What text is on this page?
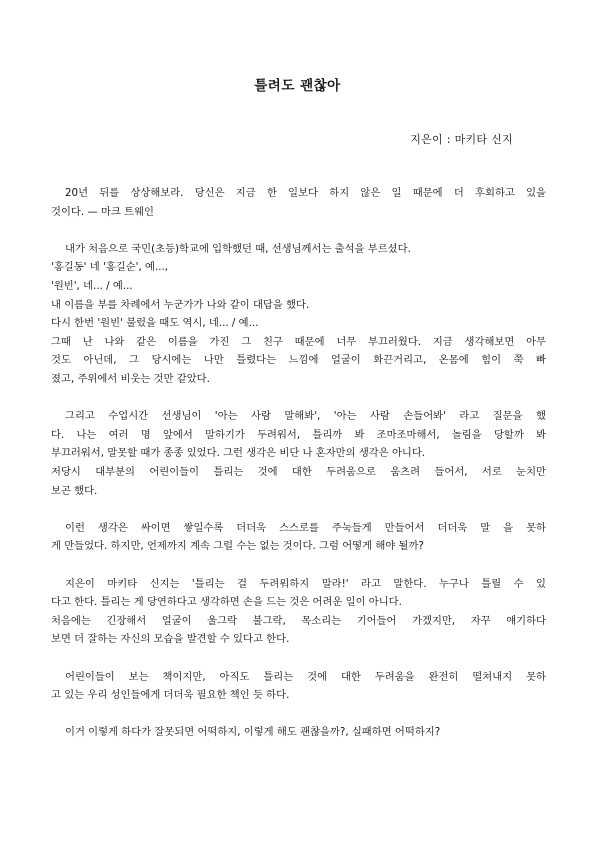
틀려도 괜찮아
지은이 : 마키타 신지
20년 뒤를 상상해보라. 당신은 지금 한 일보다 하지 않은 일 때문에 더 후회하고 있을
것이다. — 마크 트웨인
내가 처음으로 국민(초등)학교에 입학했던 때, 선생님께서는 출석을 부르셨다.
'홍길동' 네 '홍길순', 예...,
'원빈', 네... / 예...
내 이름을 부를 차례에서 누군가가 나와 같이 대답을 했다.
다시 한번 '원빈' 불렀을 때도 역시, 네... / 예...
그때 난 나와 같은 이름을 가진 그 친구 때문에 너무 부끄러웠다. 지금 생각해보면 아무
것도 아닌데, 그 당시에는 나만 틀렸다는 느낌에 얼굴이 화끈거리고, 온몸에 힘이 쭉 빠
졌고, 주위에서 비웃는 것만 같았다.
그리고 수업시간 선생님이 '아는 사람 말해봐', '아는 사람 손들어봐' 라고 질문을 했
다. 나는 여러 명 앞에서 말하기가 두려워서, 틀리까 봐 조마조마해서, 놀림을 당할까 봐
부끄러워서, 말못할 때가 종종 있었다. 그런 생각은 비단 나 혼자만의 생각은 아니다.
저당시 대부분의 어린이들이 틀리는 것에 대한 두려움으로 움츠려 들어서, 서로 눈치만
보곤 했다.
이런 생각은 싸이면 쌓일수록 더더욱 스스로를 주눅들게 만들어서 더더욱 말 을 못하
게 만들었다. 하지만, 언제까지 계속 그럴 수는 없는 것이다. 그럼 어떻게 해야 될까?
지은이 마키타 신지는 '틀리는 걸 두려워하지 말라!' 라고 말한다. 누구나 틀릴 수 있
다고 한다. 틀리는 게 당연하다고 생각하면 손을 드는 것은 어려운 일이 아니다.
처음에는 긴장해서 얼굴이 울그락 불그락, 목소리는 기어들어 가겠지만, 자꾸 얘기하다
보면 더 잘하는 자신의 모습을 발견할 수 있다고 한다.
어린이들이 보는 책이지만, 아직도 틀리는 것에 대한 두려움을 완전히 떨쳐내지 못하
고 있는 우리 성인들에게 더더욱 필요한 책인 듯 하다.
이거 이렇게 하다가 잘못되면 어떡하지, 이렇게 해도 괜찮을까?, 실패하면 어떡하지?
